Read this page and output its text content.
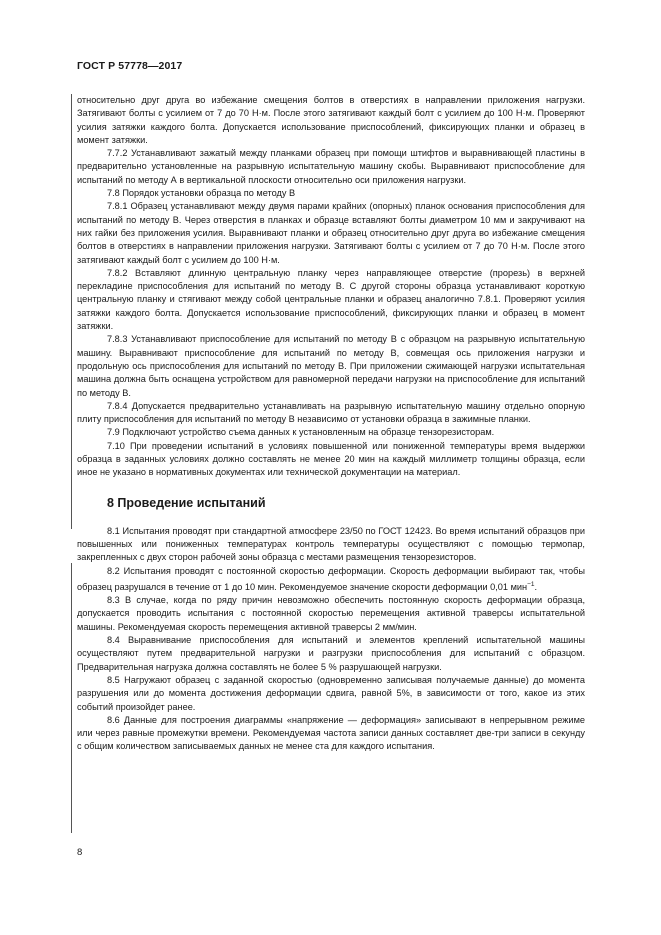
ГОСТ Р 57778—2017

относительно друг друга во избежание смещения болтов в отверстиях в направлении приложения нагрузки. Затягивают болты с усилием от 7 до 70 Н·м. После этого затягивают каждый болт с усилием до 100 Н·м. Проверяют усилия затяжки каждого болта. Допускается использование приспособлений, фиксирующих планки и образец в момент затяжки.

7.7.2 Устанавливают зажатый между планками образец при помощи штифтов и выравнивающей пластины в предварительно установленные на разрывную испытательную машину скобы. Выравнивают приспособление для испытаний по методу А в вертикальной плоскости относительно оси приложения нагрузки.

7.8 Порядок установки образца по методу В

7.8.1 Образец устанавливают между двумя парами крайних (опорных) планок основания приспособления для испытаний по методу В. Через отверстия в планках и образце вставляют болты диаметром 10 мм и закручивают на них гайки без приложения усилия. Выравнивают планки и образец относительно друг друга во избежание смещения болтов в отверстиях в направлении приложения нагрузки. Затягивают болты с усилием от 7 до 70 Н·м. После этого затягивают каждый болт с усилием до 100 Н·м.

7.8.2 Вставляют длинную центральную планку через направляющее отверстие (прорезь) в верхней перекладине приспособления для испытаний по методу В. С другой стороны образца устанавливают короткую центральную планку и стягивают между собой центральные планки и образец аналогично 7.8.1. Проверяют усилия затяжки каждого болта. Допускается использование приспособлений, фиксирующих планки и образец в момент затяжки.

7.8.3 Устанавливают приспособление для испытаний по методу В с образцом на разрывную испытательную машину. Выравнивают приспособление для испытаний по методу В, совмещая ось приложения нагрузки и продольную ось приспособления для испытаний по методу В. При приложении сжимающей нагрузки испытательная машина должна быть оснащена устройством для равномерной передачи нагрузки на приспособление для испытаний по методу В.

7.8.4 Допускается предварительно устанавливать на разрывную испытательную машину отдельно опорную плиту приспособления для испытаний по методу В независимо от установки образца в зажимные планки.

7.9 Подключают устройство съема данных к установленным на образце тензорезисторам.

7.10 При проведении испытаний в условиях повышенной или пониженной температуры время выдержки образца в заданных условиях должно составлять не менее 20 мин на каждый миллиметр толщины образца, если иное не указано в нормативных документах или технической документации на материал.

8 Проведение испытаний

8.1 Испытания проводят при стандартной атмосфере 23/50 по ГОСТ 12423. Во время испытаний образцов при повышенных или пониженных температурах контроль температуры осуществляют с помощью термопар, закрепленных с двух сторон рабочей зоны образца с местами размещения тензорезисторов.

8.2 Испытания проводят с постоянной скоростью деформации. Скорость деформации выбирают так, чтобы образец разрушался в течение от 1 до 10 мин. Рекомендуемое значение скорости деформации 0,01 мин$^{-1}$.

8.3 В случае, когда по ряду причин невозможно обеспечить постоянную скорость деформации образца, допускается проводить испытания с постоянной скоростью перемещения активной траверсы испытательной машины. Рекомендуемая скорость перемещения активной траверсы 2 мм/мин.

8.4 Выравнивание приспособления для испытаний и элементов креплений испытательной машины осуществляют путем предварительной нагрузки и разгрузки приспособления для испытаний с образцом. Предварительная нагрузка должна составлять не более 5 % разрушающей нагрузки.

8.5 Нагружают образец с заданной скоростью (одновременно записывая получаемые данные) до момента разрушения или до момента достижения деформации сдвига, равной 5%, в зависимости от того, какое из этих событий произойдет ранее.

8.6 Данные для построения диаграммы «напряжение — деформация» записывают в непрерывном режиме или через равные промежутки времени. Рекомендуемая частота записи данных составляет две-три записи в секунду с общим количеством записываемых данных не менее ста для каждого испытания.

8
